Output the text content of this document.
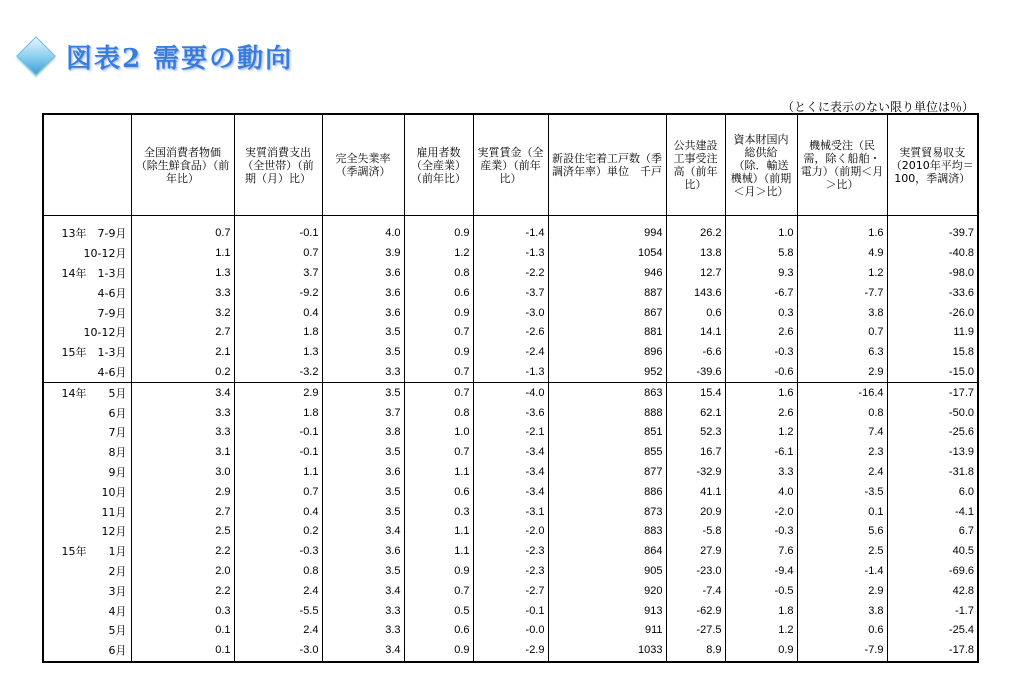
図表2 需要の動向
（とくに表示のない限り単位は％）
	全国消費者物価（除生鮮食品）（前年比）	実質消費支出（全世帯）（前期（月）比）	完全失業率（季調済）	雇用者数（全産業）（前年比）	実質賃金（全産業）（前年比）	新設住宅着工戸数（季調済年率）単位　千戸	公共建設工事受注高（前年比）	資本財国内総供給（除．輸送機械）（前期＜月＞比）	機械受注（民需，除く船舶・電力）（前期＜月＞比）	実質貿易収支（2010年平均＝100，季調済）

13年　7-9月	0.7	-0.1	4.0	0.9	-1.4	994	26.2	1.0	1.6	-39.7
10-12月	1.1	0.7	3.9	1.2	-1.3	1054	13.8	5.8	4.9	-40.8
14年　1-3月	1.3	3.7	3.6	0.8	-2.2	946	12.7	9.3	1.2	-98.0
4-6月	3.3	-9.2	3.6	0.6	-3.7	887	143.6	-6.7	-7.7	-33.6
7-9月	3.2	0.4	3.6	0.9	-3.0	867	0.6	0.3	3.8	-26.0
10-12月	2.7	1.8	3.5	0.7	-2.6	881	14.1	2.6	0.7	11.9
15年　1-3月	2.1	1.3	3.5	0.9	-2.4	896	-6.6	-0.3	6.3	15.8
4-6月	0.2	-3.2	3.3	0.7	-1.3	952	-39.6	-0.6	2.9	-15.0
14年　　5月	3.4	2.9	3.5	0.7	-4.0	863	15.4	1.6	-16.4	-17.7
6月	3.3	1.8	3.7	0.8	-3.6	888	62.1	2.6	0.8	-50.0
7月	3.3	-0.1	3.8	1.0	-2.1	851	52.3	1.2	7.4	-25.6
8月	3.1	-0.1	3.5	0.7	-3.4	855	16.7	-6.1	2.3	-13.9
9月	3.0	1.1	3.6	1.1	-3.4	877	-32.9	3.3	2.4	-31.8
10月	2.9	0.7	3.5	0.6	-3.4	886	41.1	4.0	-3.5	6.0
11月	2.7	0.4	3.5	0.3	-3.1	873	20.9	-2.0	0.1	-4.1
12月	2.5	0.2	3.4	1.1	-2.0	883	-5.8	-0.3	5.6	6.7
15年　　1月	2.2	-0.3	3.6	1.1	-2.3	864	27.9	7.6	2.5	40.5
2月	2.0	0.8	3.5	0.9	-2.3	905	-23.0	-9.4	-1.4	-69.6
3月	2.2	2.4	3.4	0.7	-2.7	920	-7.4	-0.5	2.9	42.8
4月	0.3	-5.5	3.3	0.5	-0.1	913	-62.9	1.8	3.8	-1.7
5月	0.1	2.4	3.3	0.6	-0.0	911	-27.5	1.2	0.6	-25.4
6月	0.1	-3.0	3.4	0.9	-2.9	1033	8.9	0.9	-7.9	-17.8
